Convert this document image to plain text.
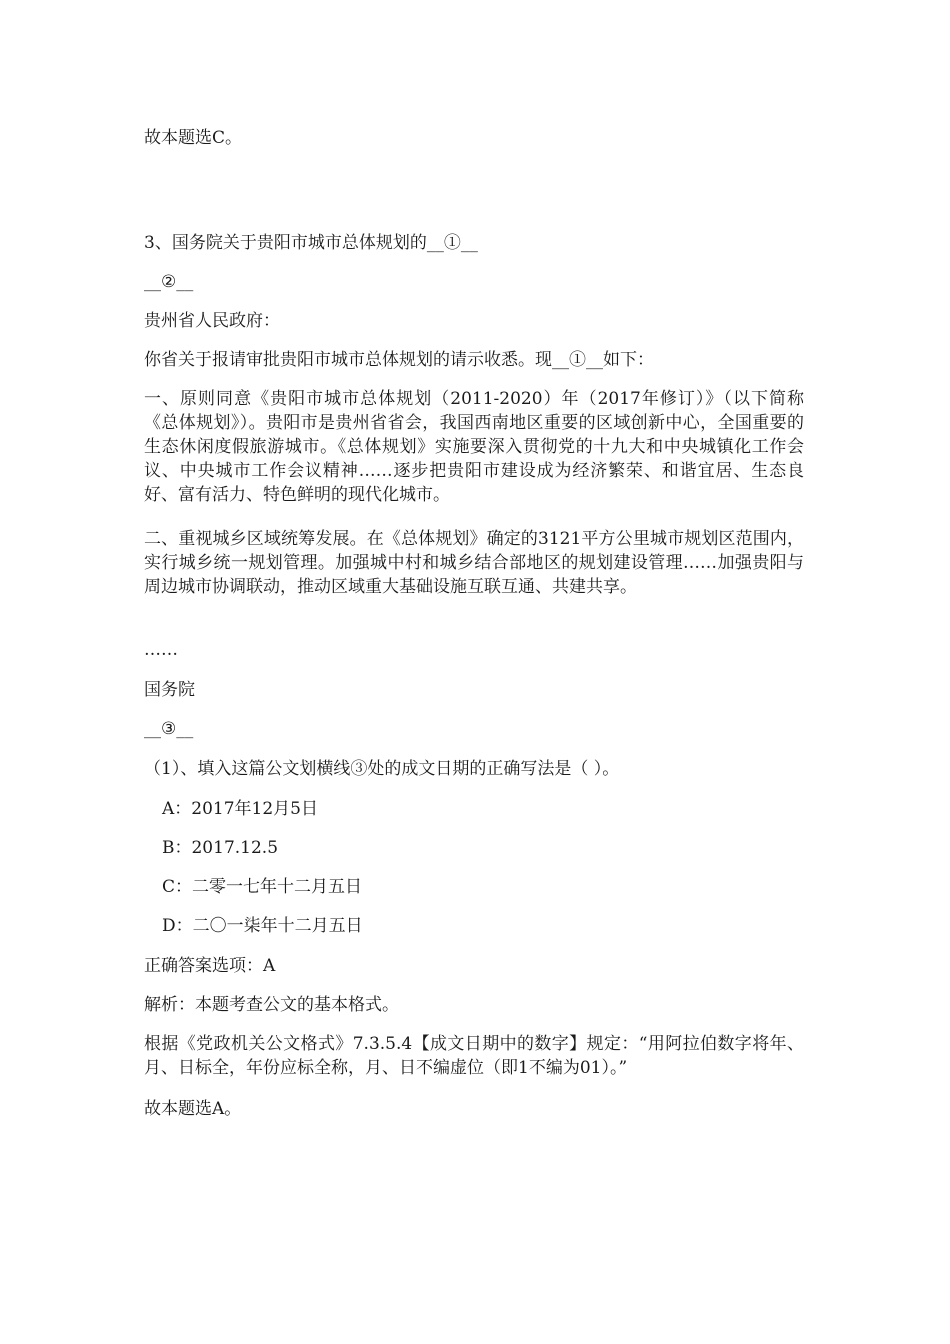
故本题选C。
3、国务院关于贵阳市城市总体规划的__①__
__②__
贵州省人民政府：
你省关于报请审批贵阳市城市总体规划的请示收悉。现__①__如下：
一、原则同意《贵阳市城市总体规划（2011-2020）年（2017年修订）》（以下简称《总体规划》）。贵阳市是贵州省省会，我国西南地区重要的区域创新中心，全国重要的生态休闲度假旅游城市。《总体规划》实施要深入贯彻党的十九大和中央城镇化工作会议、中央城市工作会议精神……逐步把贵阳市建设成为经济繁荣、和谐宜居、生态良好、富有活力、特色鲜明的现代化城市。
二、重视城乡区域统筹发展。在《总体规划》确定的3121平方公里城市规划区范围内，实行城乡统一规划管理。加强城中村和城乡结合部地区的规划建设管理……加强贵阳与周边城市协调联动，推动区域重大基础设施互联互通、共建共享。
……
国务院
__③__
（1）、填入这篇公文划横线③处的成文日期的正确写法是（ ）。
A：2017年12月5日
B：2017.12.5
C：二零一七年十二月五日
D：二〇一柒年十二月五日
正确答案选项：A
解析：本题考查公文的基本格式。
根据《党政机关公文格式》7.3.5.4【成文日期中的数字】规定：“用阿拉伯数字将年、月、日标全，年份应标全称，月、日不编虚位（即1不编为01）。”
故本题选A。
